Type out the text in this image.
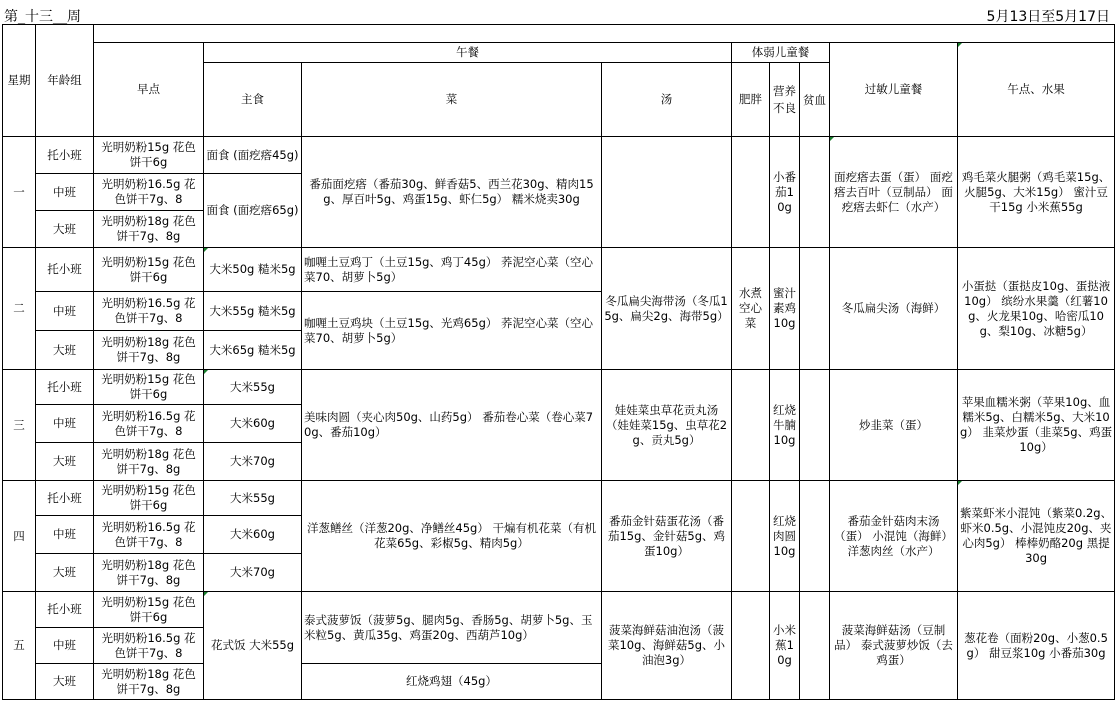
第_十三__周	5月13日至5月17日
星期	年龄组									
		早点	午餐			体弱儿童餐			过敏儿童餐	午点、水果
			主食	菜	汤	肥胖	营养不良	贫血		
一	托小班	光明奶粉15g 花色饼干6g	面食 (面疙瘩45g)	番茄面疙瘩（番茄30g、鲜香菇5、西兰花30g、精肉15g、厚百叶5g、鸡蛋15g、虾仁5g） 糯米烧卖30g			小番茄10g		面疙瘩去蛋（蛋） 面疙瘩去百叶（豆制品） 面疙瘩去虾仁（水产）	鸡毛菜火腿粥（鸡毛菜15g、火腿5g、大米15g） 蜜汁豆干15g 小米蕉55g
	中班	光明奶粉16.5g 花色饼干7g、8	面食 (面疙瘩65g)							
	大班	光明奶粉18g 花色饼干7g、8g								
二	托小班	光明奶粉15g 花色饼干6g	大米50g 糙米5g	咖喱土豆鸡丁（土豆15g、鸡丁45g） 荞泥空心菜（空心菜70、胡萝卜5g）	冬瓜扁尖海带汤（冬瓜15g、扁尖2g、海带5g）	水煮空心菜	蜜汁素鸡10g		冬瓜扁尖汤（海鲜）	小蛋挞（蛋挞皮10g、蛋挞液10g） 缤纷水果羹（红薯10g、火龙果10g、哈密瓜10g、梨10g、冰糖5g）
	中班	光明奶粉16.5g 花色饼干7g、8	大米55g 糙米5g	咖喱土豆鸡块（土豆15g、光鸡65g） 荞泥空心菜（空心菜70、胡萝卜5g）						
	大班	光明奶粉18g 花色饼干7g、8g	大米65g 糙米5g							
三	托小班	光明奶粉15g 花色饼干6g	大米55g	美味肉圆（夹心肉50g、山药5g） 番茄卷心菜（卷心菜70g、番茄10g）	娃娃菜虫草花贡丸汤（娃娃菜15g、虫草花2g、贡丸5g）		红烧牛腩10g		炒韭菜（蛋）	苹果血糯米粥（苹果10g、血糯米5g、白糯米5g、大米10g） 韭菜炒蛋（韭菜5g、鸡蛋10g）
	中班	光明奶粉16.5g 花色饼干7g、8	大米60g							
	大班	光明奶粉18g 花色饼干7g、8g	大米70g							
四	托小班	光明奶粉15g 花色饼干6g	大米55g	洋葱鳝丝（洋葱20g、净鳝丝45g） 干煸有机花菜（有机花菜65g、彩椒5g、精肉5g）	番茄金针菇蛋花汤（番茄15g、金针菇5g、鸡蛋10g）		红烧肉圆10g		番茄金针菇肉末汤（蛋） 小混饨（海鲜） 洋葱肉丝（水产）	紫菜虾米小混饨（紫菜0.2g、虾米0.5g、小混饨皮20g、夹心肉5g） 棒棒奶酪20g 黑提30g
	中班	光明奶粉16.5g 花色饼干7g、8	大米60g							
	大班	光明奶粉18g 花色饼干7g、8g	大米70g							
五	托小班	光明奶粉15g 花色饼干6g	花式饭 大米55g	泰式菠萝饭（菠萝5g、腿肉5g、香肠5g、胡萝卜5g、玉米粒5g、黄瓜35g、鸡蛋20g、西葫芦10g）	菠菜海鲜菇油泡汤（菠菜10g、海鲜菇5g、小油泡3g）		小米蕉10g		菠菜海鲜菇汤（豆制品） 泰式菠萝炒饭（去鸡蛋）	葱花卷（面粉20g、小葱0.5g） 甜豆浆10g 小番茄30g
	中班	光明奶粉16.5g 花色饼干7g、8								
	大班	光明奶粉18g 花色饼干7g、8g		红烧鸡翅（45g）						
